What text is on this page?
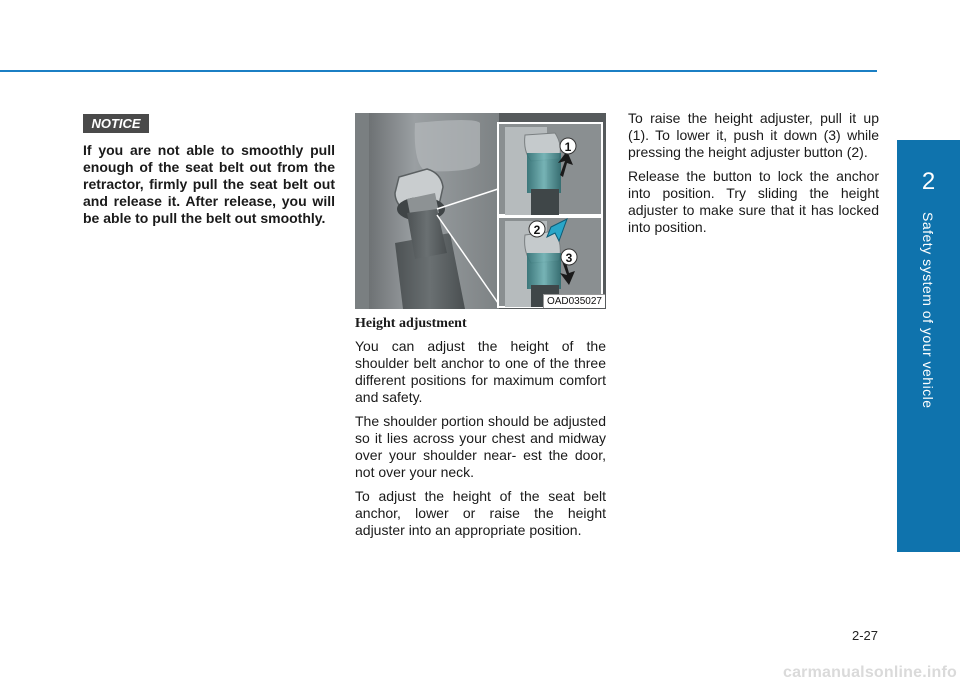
2
Safety system of your vehicle
NOTICE

If you are not able to smoothly pull enough of the seat belt out from the retractor, firmly pull the seat belt out and release it. After release, you will be able to pull the belt out smoothly.

1
2
3
OAD035027
Height adjustment

You can adjust the height of the shoulder belt anchor to one of the three different positions for maximum comfort and safety.

The shoulder portion should be adjusted so it lies across your chest and midway over your shoulder near- est the door, not over your neck.

To adjust the height of the seat belt anchor, lower or raise the height adjuster into an appropriate position.

To raise the height adjuster, pull it up (1). To lower it, push it down (3) while pressing the height adjuster button (2).

Release the button to lock the anchor into position. Try sliding the height adjuster to make sure that it has locked into position.

2-27
carmanualsonline.info
